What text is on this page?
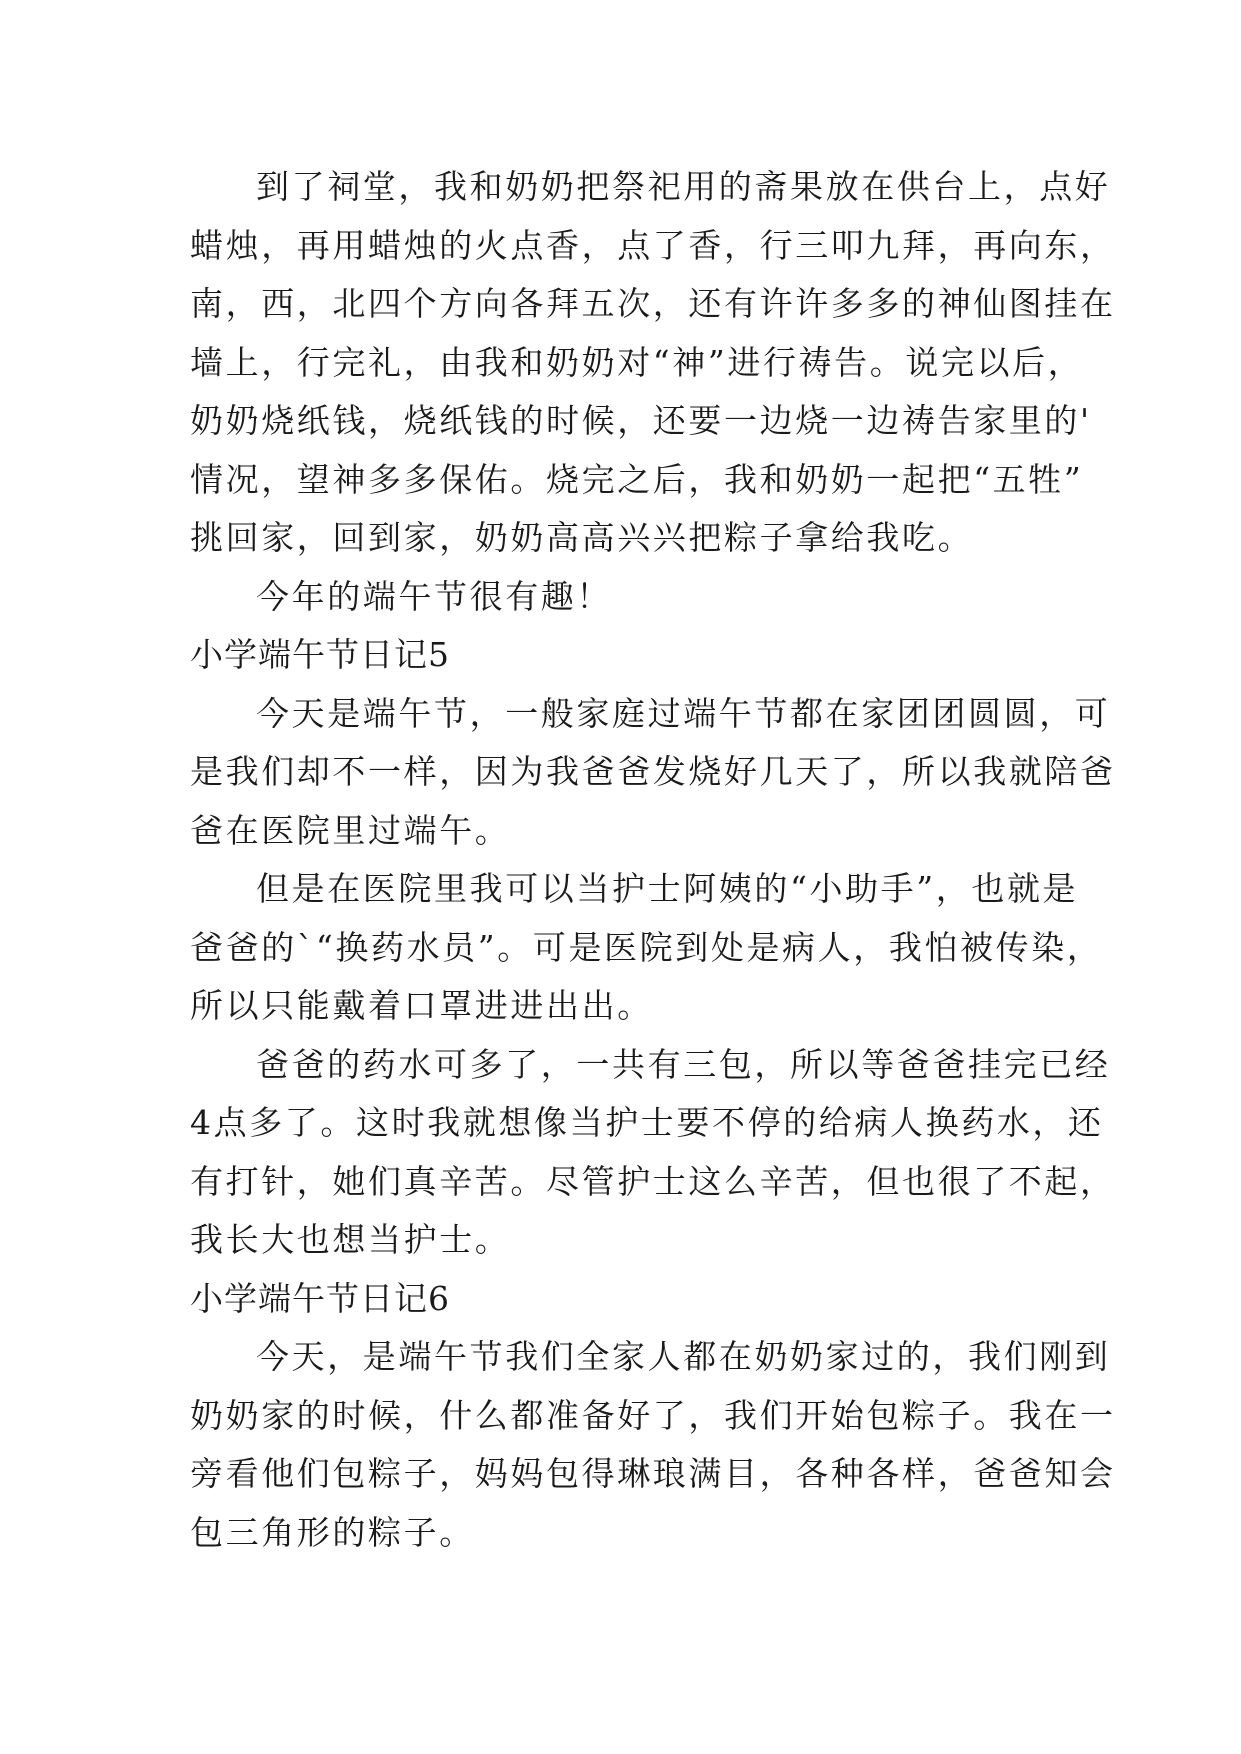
到了祠堂，我和奶奶把祭祀用的斋果放在供台上，点好
蜡烛，再用蜡烛的火点香，点了香，行三叩九拜，再向东，
南，西，北四个方向各拜五次，还有许许多多的神仙图挂在
墙上，行完礼，由我和奶奶对“神”进行祷告。说完以后，
奶奶烧纸钱，烧纸钱的时候，还要一边烧一边祷告家里的'
情况，望神多多保佑。烧完之后，我和奶奶一起把“五牲”
挑回家，回到家，奶奶高高兴兴把粽子拿给我吃。
今年的端午节很有趣！
小学端午节日记5
今天是端午节，一般家庭过端午节都在家团团圆圆，可
是我们却不一样，因为我爸爸发烧好几天了，所以我就陪爸
爸在医院里过端午。
但是在医院里我可以当护士阿姨的“小助手”，也就是
爸爸的`“换药水员”。可是医院到处是病人，我怕被传染，
所以只能戴着口罩进进出出。
爸爸的药水可多了，一共有三包，所以等爸爸挂完已经
4点多了。这时我就想像当护士要不停的给病人换药水，还
有打针，她们真辛苦。尽管护士这么辛苦，但也很了不起，
我长大也想当护士。
小学端午节日记6
今天，是端午节我们全家人都在奶奶家过的，我们刚到
奶奶家的时候，什么都准备好了，我们开始包粽子。我在一
旁看他们包粽子，妈妈包得琳琅满目，各种各样，爸爸知会
包三角形的粽子。
